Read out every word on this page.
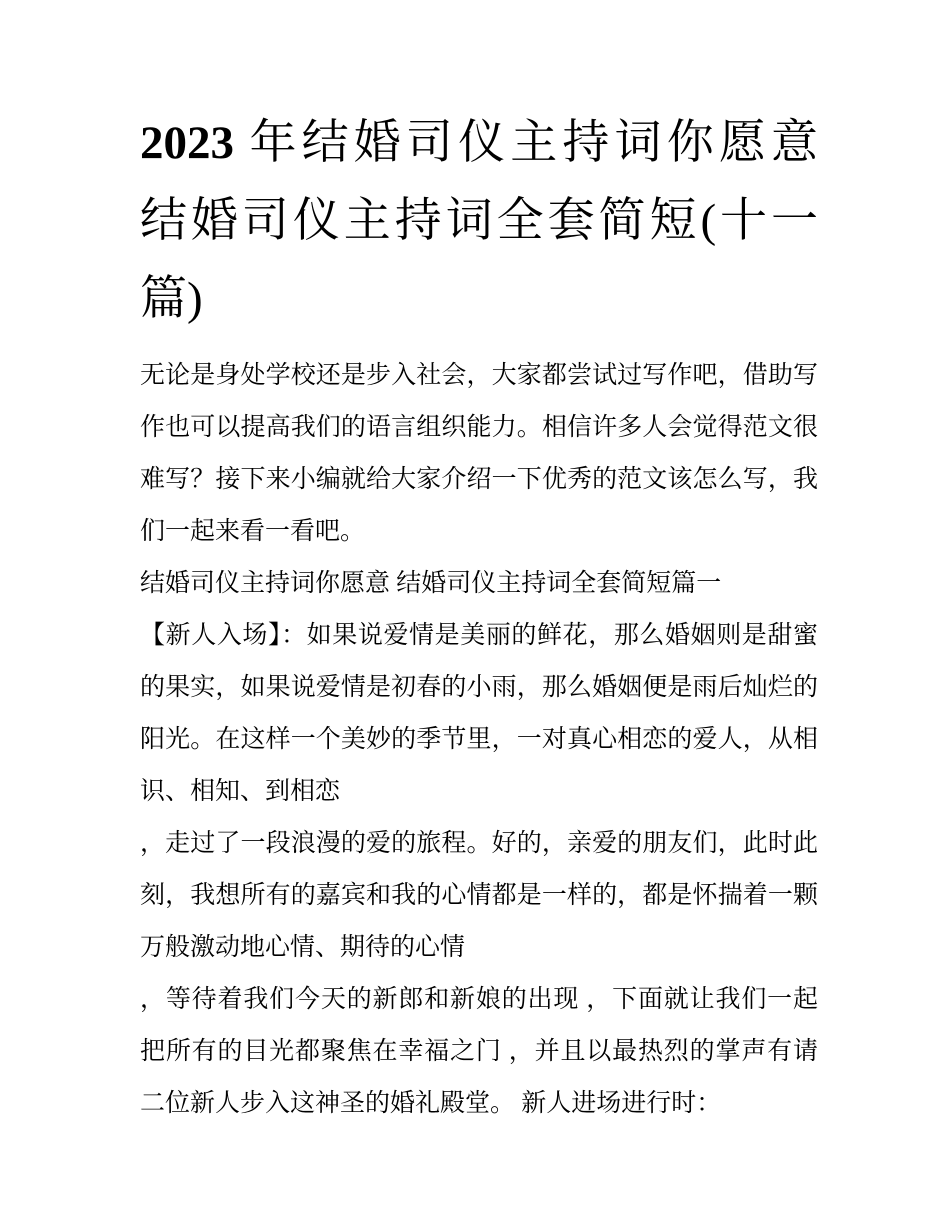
2023 年结婚司仪主持词你愿意
结婚司仪主持词全套简短(十一
篇)

无论是身处学校还是步入社会，大家都尝试过写作吧，借助写作也可以提高我们的语言组织能力。相信许多人会觉得范文很难写？接下来小编就给大家介绍一下优秀的范文该怎么写，我们一起来看一看吧。

结婚司仪主持词你愿意 结婚司仪主持词全套简短篇一

【新人入场】：如果说爱情是美丽的鲜花，那么婚姻则是甜蜜的果实，如果说爱情是初春的小雨，那么婚姻便是雨后灿烂的阳光。在这样一个美妙的季节里，一对真心相恋的爱人，从相识、相知、到相恋

，走过了一段浪漫的爱的旅程。好的，亲爱的朋友们，此时此刻，我想所有的嘉宾和我的心情都是一样的，都是怀揣着一颗万般激动地心情、期待的心情

，等待着我们今天的新郎和新娘的出现 ，下面就让我们一起把所有的目光都聚焦在幸福之门 ，并且以最热烈的掌声有请二位新人步入这神圣的婚礼殿堂。 新人进场进行时：
